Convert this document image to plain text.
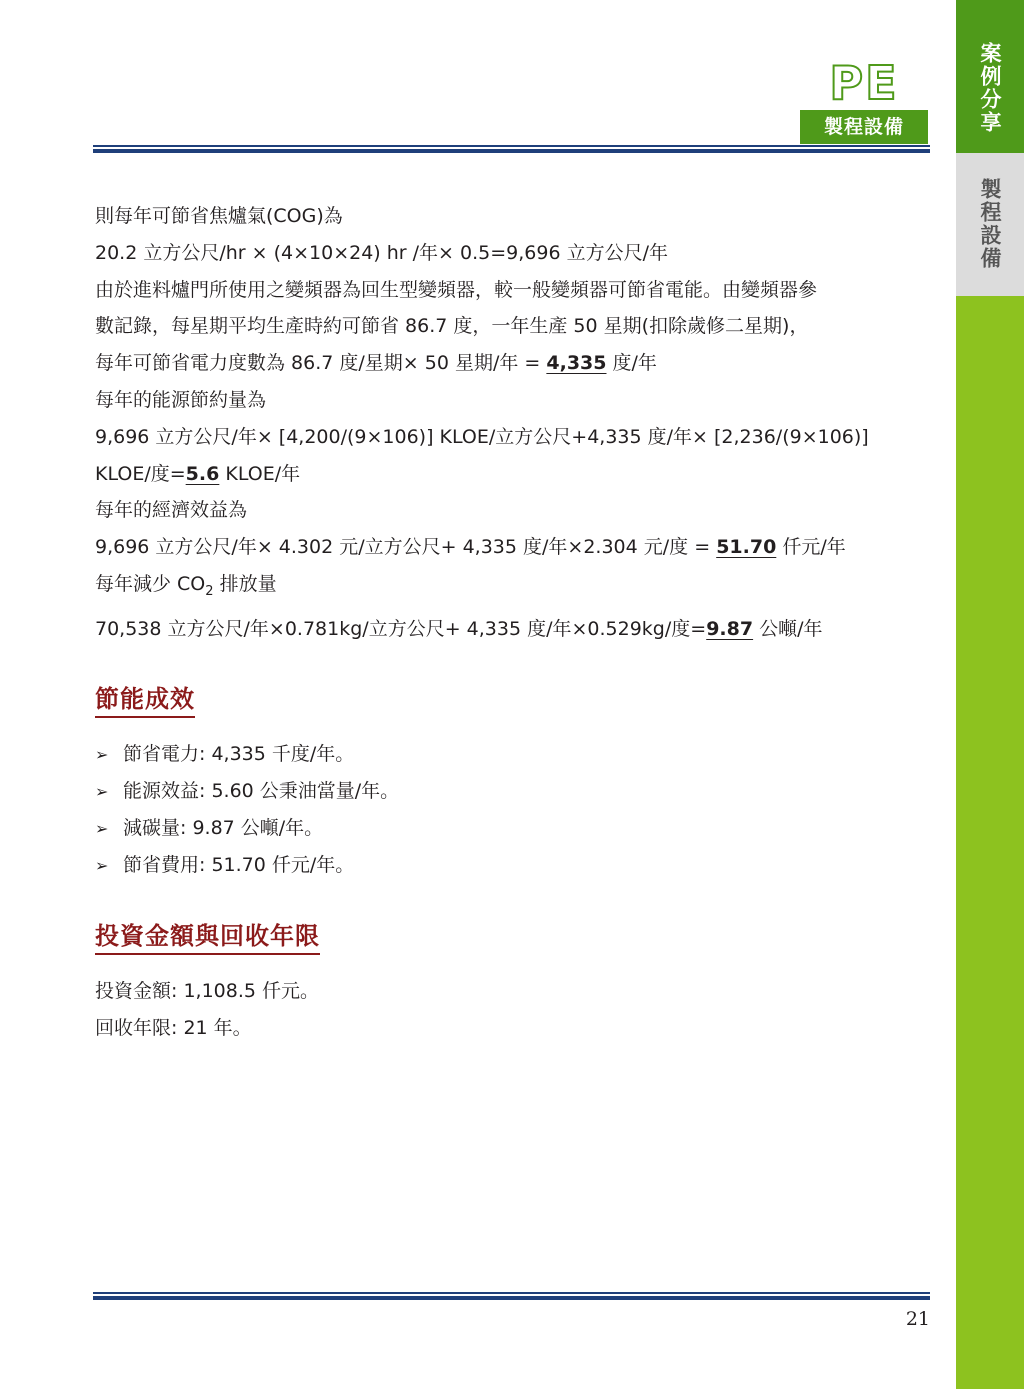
案例分享
製程設備
PE
製程設備
則每年可節省焦爐氣(COG)為
20.2 立方公尺/hr × (4×10×24) hr /年× 0.5=9,696 立方公尺/年
由於進料爐門所使用之變頻器為回生型變頻器，較一般變頻器可節省電能。由變頻器參
數記錄，每星期平均生產時約可節省 86.7 度，一年生產 50 星期(扣除歲修二星期)，
每年可節省電力度數為 86.7 度/星期× 50 星期/年 = 4,335 度/年
每年的能源節約量為
9,696 立方公尺/年× [4,200/(9×106)] KLOE/立方公尺+4,335 度/年× [2,236/(9×106)]
KLOE/度=5.6 KLOE/年
每年的經濟效益為
9,696 立方公尺/年× 4.302 元/立方公尺+ 4,335 度/年×2.304 元/度 = 51.70 仟元/年
每年減少 $CO_2$ 排放量
70,538 立方公尺/年×0.781kg/立方公尺+ 4,335 度/年×0.529kg/度=9.87 公噸/年
節能成效
➢ 節省電力: 4,335 千度/年。
➢ 能源效益: 5.60 公秉油當量/年。
➢ 減碳量: 9.87 公噸/年。
➢ 節省費用: 51.70 仟元/年。
投資金額與回收年限
投資金額: 1,108.5 仟元。
回收年限: 21 年。
21
